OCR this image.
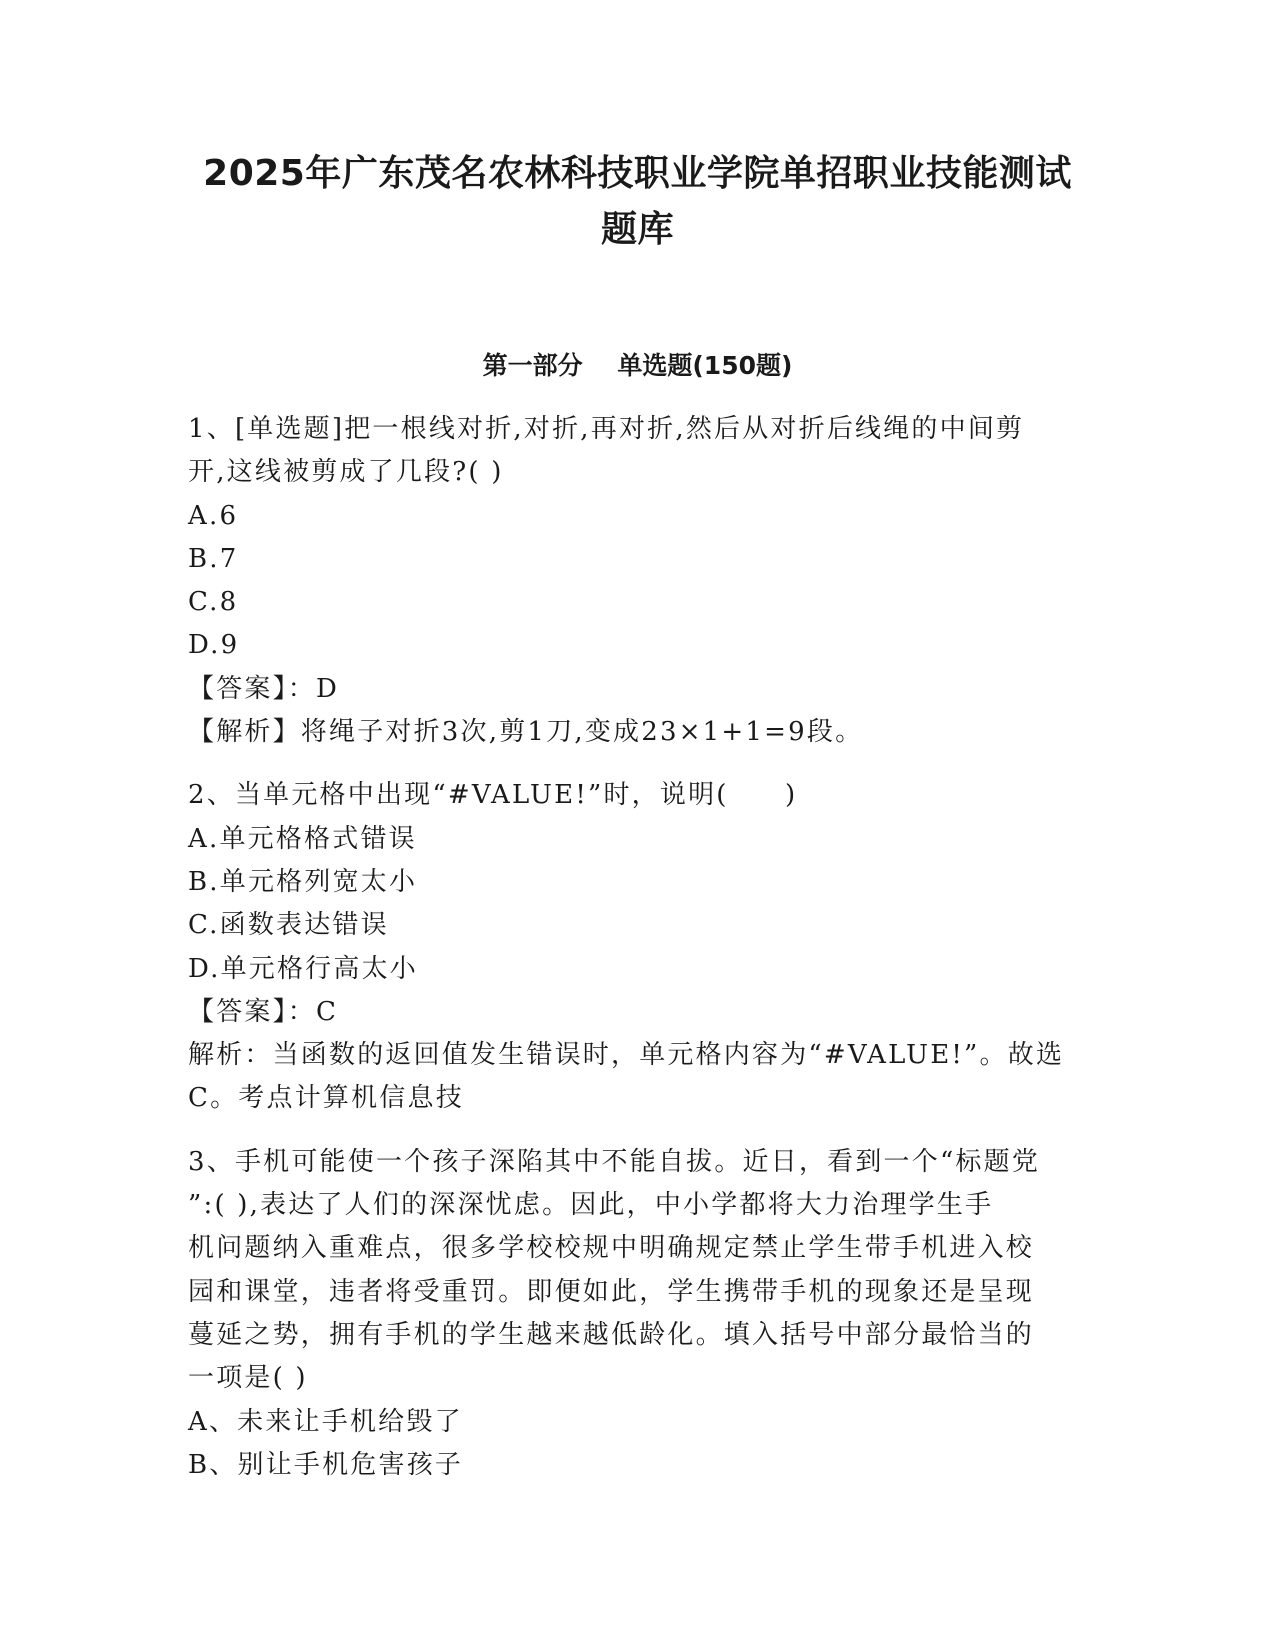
2025年广东茂名农林科技职业学院单招职业技能测试
题库
第一部分    单选题(150题)

1、[单选题]把一根线对折,对折,再对折,然后从对折后线绳的中间剪

开,这线被剪成了几段?( )

A.6

B.7

C.8

D.9

【答案】：D

【解析】将绳子对折3次,剪1刀,变成23×1+1=9段。

2、当单元格中出现“#VALUE!”时，说明(　　)

A.单元格格式错误

B.单元格列宽太小

C.函数表达错误

D.单元格行高太小

【答案】：C

解析：当函数的返回值发生错误时，单元格内容为“#VALUE!”。故选

C。考点计算机信息技

3、手机可能使一个孩子深陷其中不能自拔。近日，看到一个“标题党

”:( ),表达了人们的深深忧虑。因此，中小学都将大力治理学生手

机问题纳入重难点，很多学校校规中明确规定禁止学生带手机进入校

园和课堂，违者将受重罚。即便如此，学生携带手机的现象还是呈现

蔓延之势，拥有手机的学生越来越低龄化。填入括号中部分最恰当的

一项是( )

A、未来让手机给毁了

B、别让手机危害孩子
